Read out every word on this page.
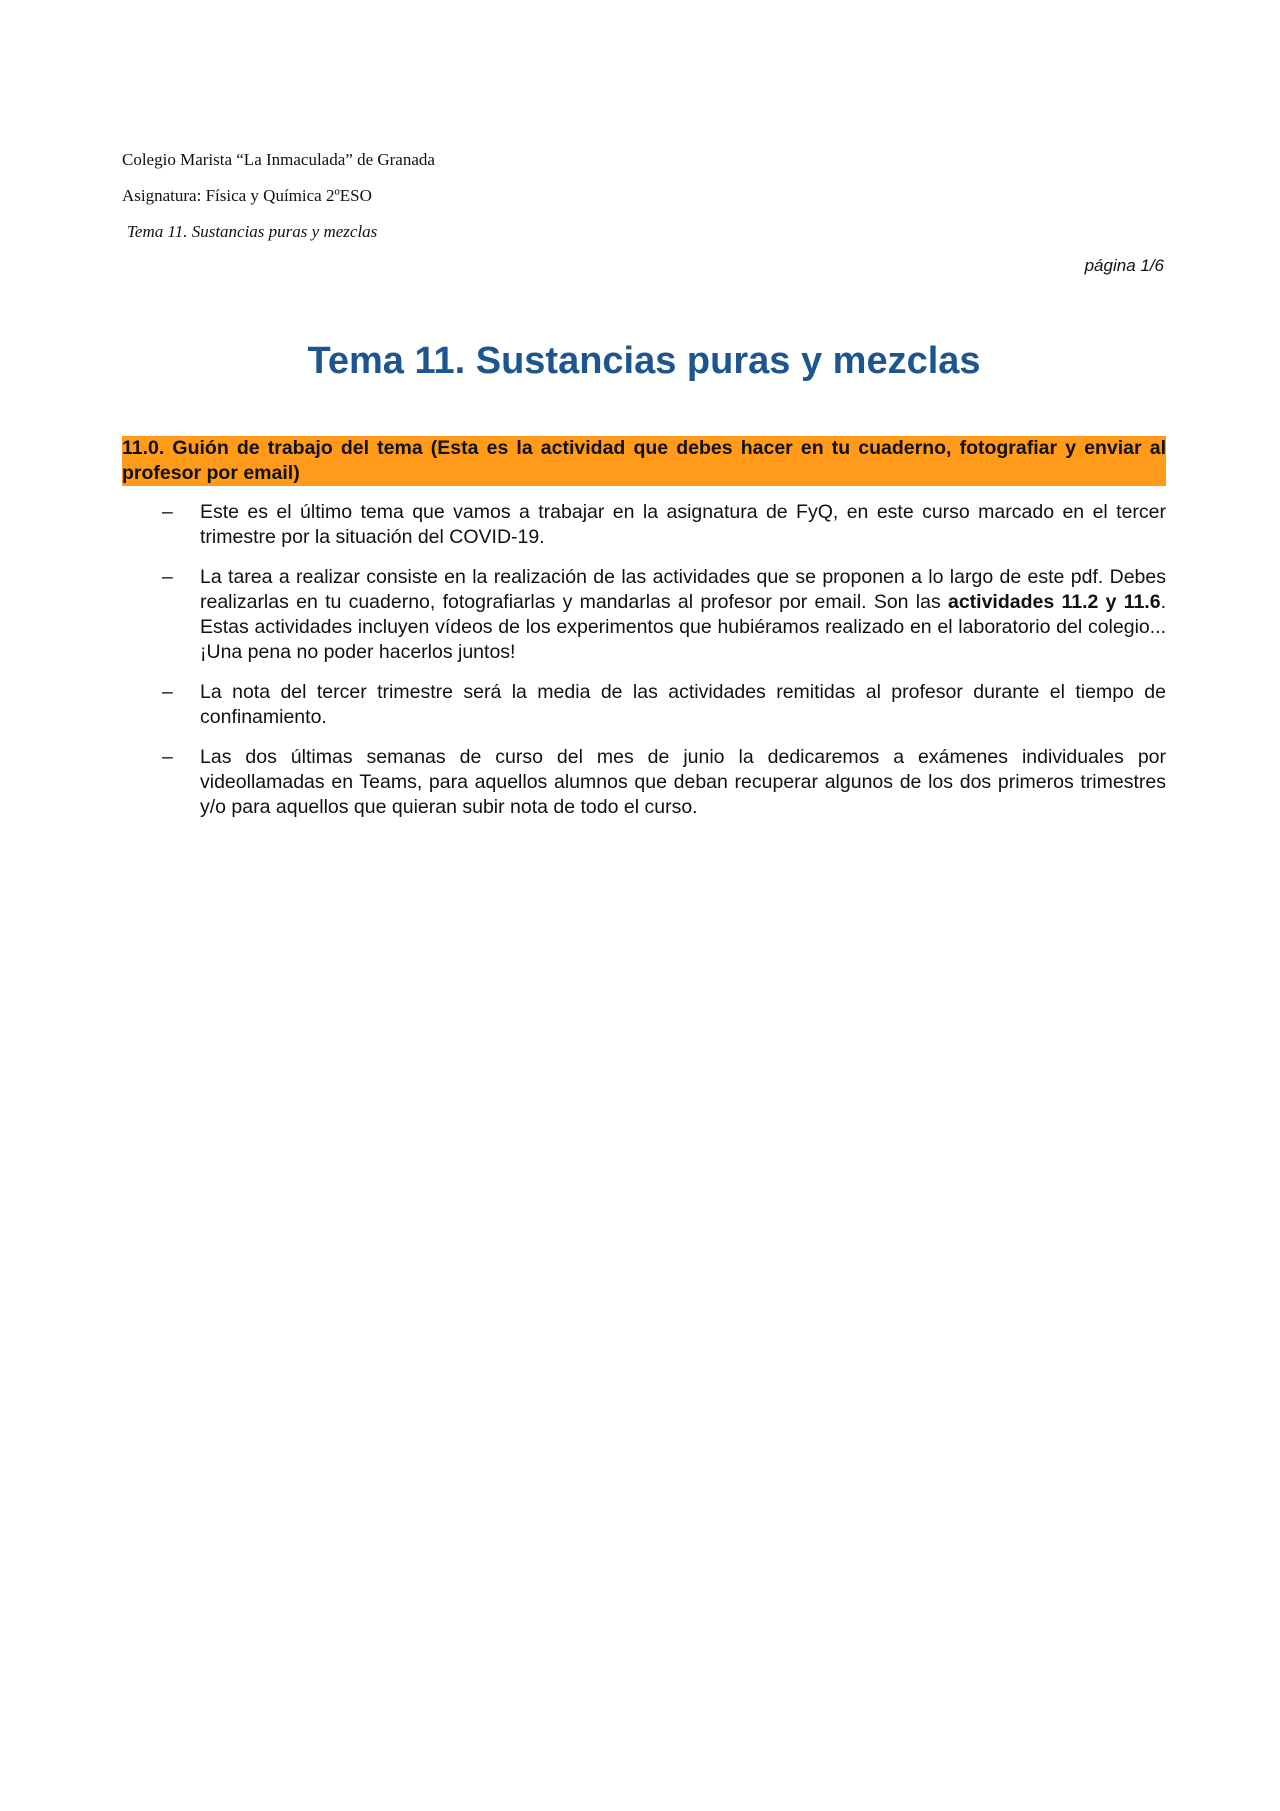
Colegio Marista “La Inmaculada” de Granada
Asignatura: Física y Química 2ºESO
Tema 11. Sustancias puras y mezclas
página 1/6
Tema 11. Sustancias puras y mezclas
11.0. Guión de trabajo del tema (Esta es la actividad que debes hacer en tu cuaderno, fotografiar y enviar al profesor por email)
– Este es el último tema que vamos a trabajar en la asignatura de FyQ, en este curso marcado en el tercer trimestre por la situación del COVID-19.
– La tarea a realizar consiste en la realización de las actividades que se proponen a lo largo de este pdf. Debes realizarlas en tu cuaderno, fotografiarlas y mandarlas al profesor por email. Son las actividades 11.2 y 11.6. Estas actividades incluyen vídeos de los experimentos que hubiéramos realizado en el laboratorio del colegio... ¡Una pena no poder hacerlos juntos!
– La nota del tercer trimestre será la media de las actividades remitidas al profesor durante el tiempo de confinamiento.
– Las dos últimas semanas de curso del mes de junio la dedicaremos a exámenes individuales por videollamadas en Teams, para aquellos alumnos que deban recuperar algunos de los dos primeros trimestres y/o para aquellos que quieran subir nota de todo el curso.
